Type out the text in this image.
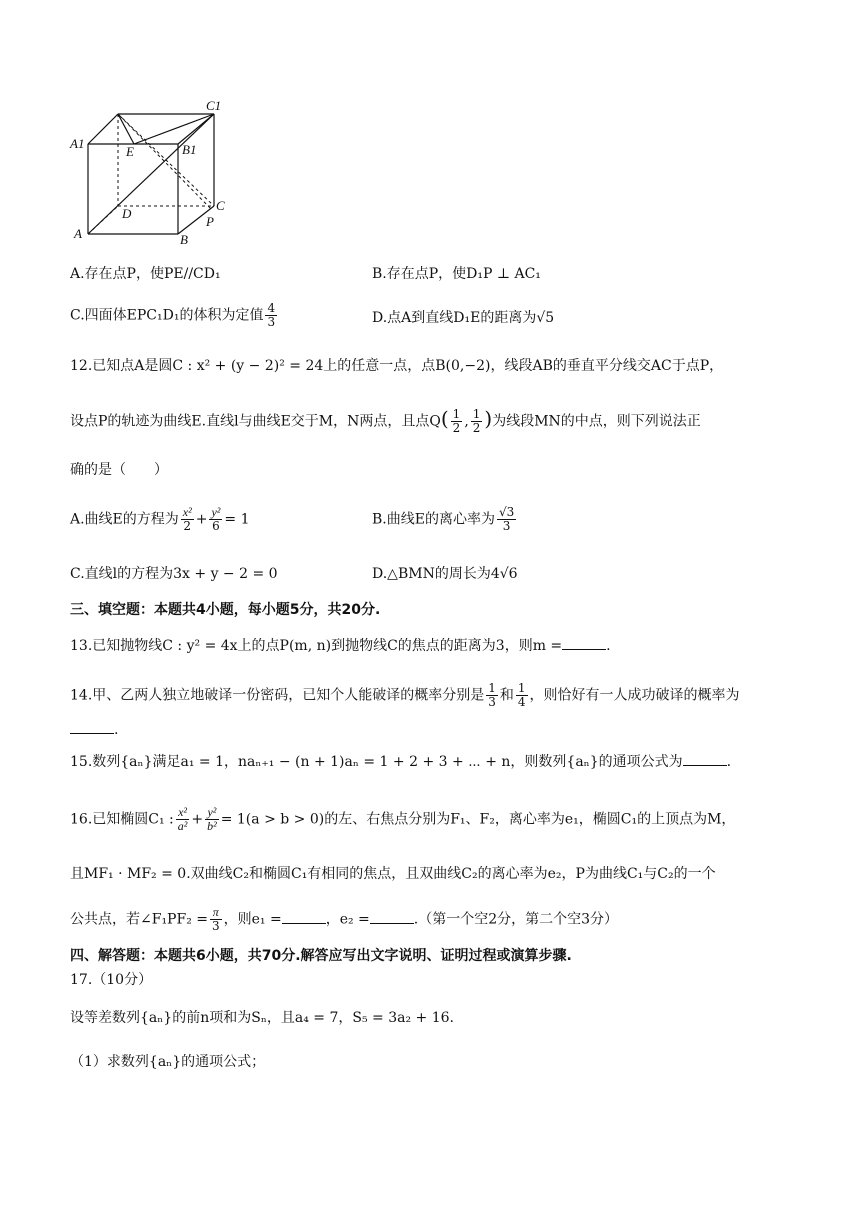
C1
A1
E	B1
D
C
A
P
B
A.存在点P，使PE//CD₁	B.存在点P，使D₁P ⊥ AC₁
C.四面体EPC₁D₁的体积为定值 $\frac{4}{3}$	D.点A到直线D₁E的距离为√5
12.已知点A是圆C : x² + (y − 2)² = 24上的任意一点，点B(0,−2)，线段AB的垂直平分线交AC于点P，
设点P的轨迹为曲线E.直线l与曲线E交于M，N两点，且点$Q( \frac{1}{2}$ , $\frac{1}{2}$ )为线段MN的中点，则下列说法正
确的是（　　）
A.曲线E的方程为 $\frac{\text{x²}}{2} + \frac{\text{y²}}{6} = 1$	B.曲线E的离心率为 $\frac{√3}{3}$
C.直线l的方程为3x + y − 2 = 0	D.△BMN的周长为4√6
三、填空题：本题共4小题，每小题5分，共20分.
13.已知抛物线C : y² = 4x上的点P(m, n)到抛物线C的焦点的距离为3，则m =	.
14.甲、乙两人独立地破译一份密码，已知个人能破译的概率分别是 $\frac{1}{3}$ 和 $\frac{1}{4}$ ，则恰好有一人成功破译的概率为
.
15.数列{aₙ}满足a₁ = 1，naₙ₊₁ − (n + 1)aₙ = 1 + 2 + 3 + ⋯ + n，则数列{aₙ}的通项公式为	.
16.已知椭圆C₁ : $\frac{\text{x²}}{\text{a²}} + \frac{\text{y²}}{\text{b²}} = 1(a > b > 0)$的左、右焦点分别为F₁、F₂，离心率为e₁，椭圆C₁的上顶点为M，
且MF₁ · MF₂ = 0.双曲线C₂和椭圆C₁有相同的焦点，且双曲线C₂的离心率为e₂，P为曲线C₁与C₂的一个
公共点，若∠F₁PF₂ = $\frac{\pi}{3}$ ，则e₁ =	，e₂ =	.（第一个空2分，第二个空3分）
四、解答题：本题共6小题，共70分.解答应写出文字说明、证明过程或演算步骤.
17.（10分）
设等差数列{aₙ}的前n项和为Sₙ，且a₄ = 7，S₅ = 3a₂ + 16.
（1）求数列{aₙ}的通项公式；
